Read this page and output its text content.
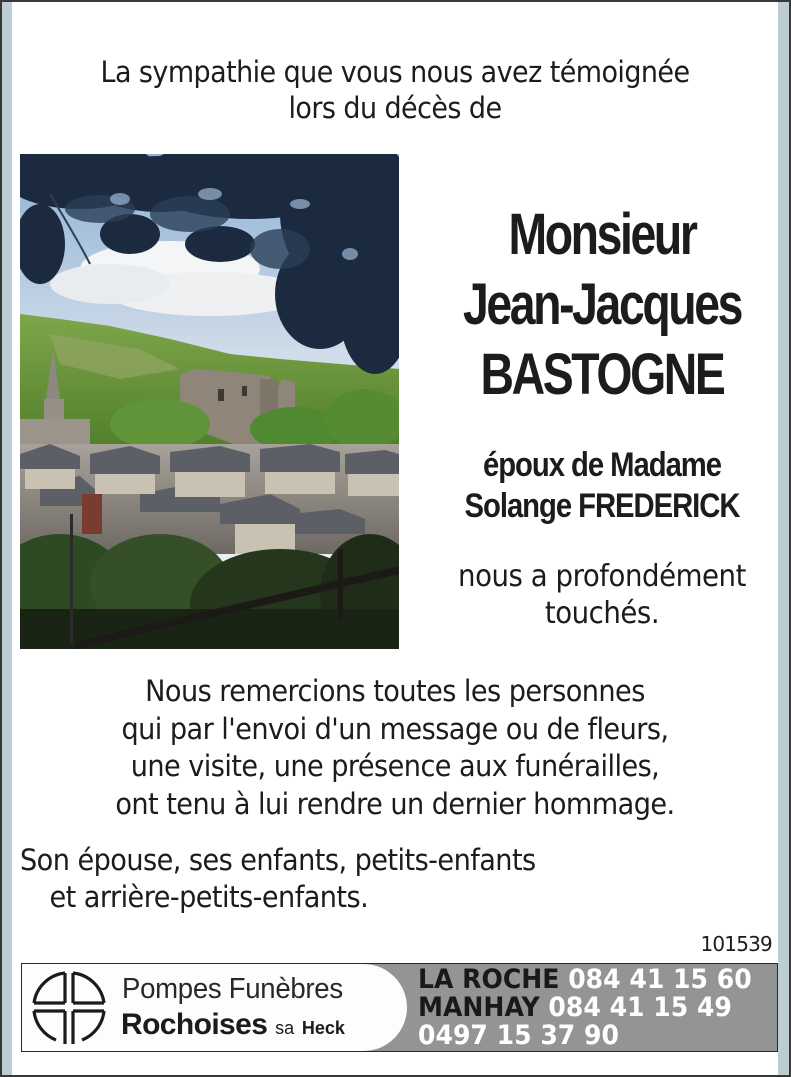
La sympathie que vous nous avez témoignée
lors du décès de
Monsieur
Jean-Jacques
BASTOGNE
époux de Madame
Solange FREDERICK
nous a profondément
touchés.
Nous remercions toutes les personnes
qui par l'envoi d'un message ou de fleurs,
une visite, une présence aux funérailles,
ont tenu à lui rendre un dernier hommage.
Son épouse, ses enfants, petits-enfants
et arrière-petits-enfants.
101539
Pompes Funèbres
Rochoises sa Heck
LA ROCHE 084 41 15 60
MANHAY 084 41 15 49
0497 15 37 90
